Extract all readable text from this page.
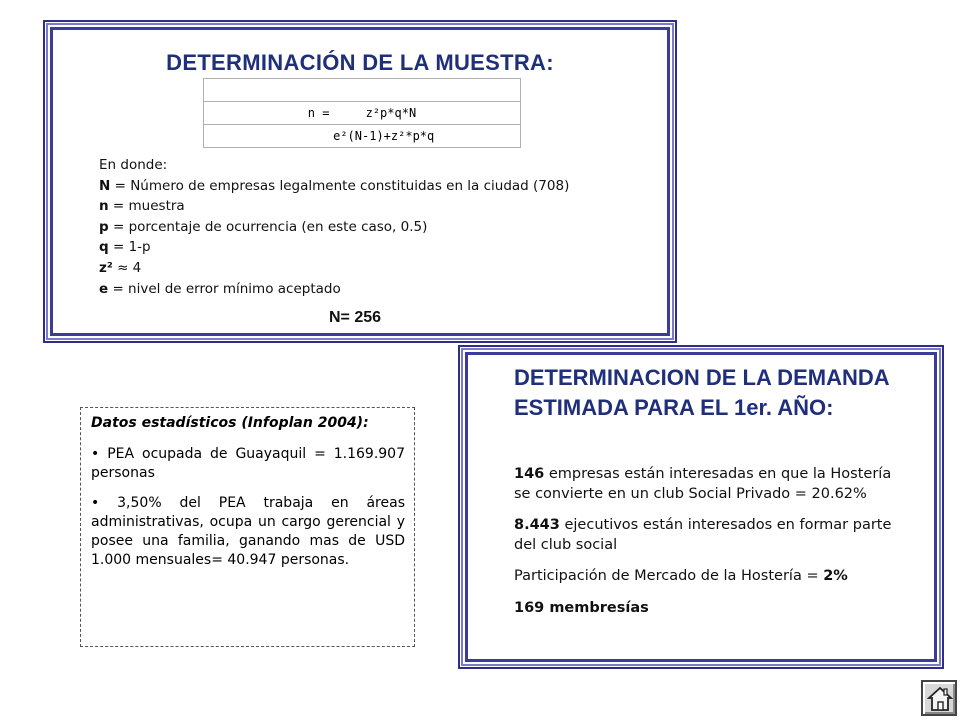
DETERMINACIÓN DE LA MUESTRA:

n =	z²p*q*N
e²(N-1)+z²*p*q
En donde:
N = Número de empresas legalmente constituidas en la ciudad (708)
n = muestra
p = porcentaje de ocurrencia (en este caso, 0.5)
q = 1-p
z² ≈ 4
e = nivel de error mínimo aceptado
N= 256
Datos estadísticos (Infoplan 2004):
• PEA ocupada de Guayaquil = 1.169.907 personas
• 3,50% del PEA trabaja en áreas administrativas, ocupa un cargo gerencial y posee una familia, ganando mas de USD 1.000 mensuales= 40.947 personas.
DETERMINACION DE LA DEMANDA ESTIMADA PARA EL 1er. AÑO:

146 empresas están interesadas en que la Hostería se convierte en un club Social Privado = 20.62%

8.443 ejecutivos están interesados en formar parte del club social

Participación de Mercado de la Hostería = 2%

169 membresías
